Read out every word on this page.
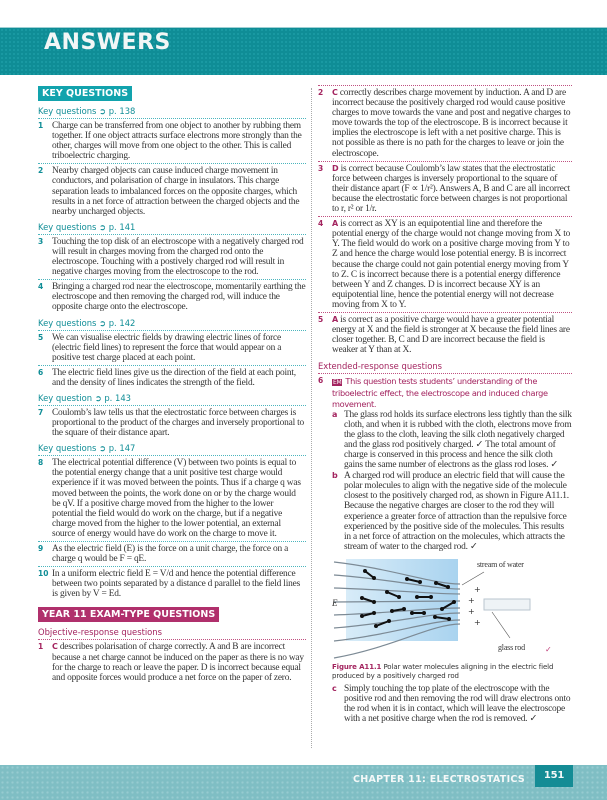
ANSWERS
CHAPTER 11: ELECTROSTATICS	151
KEY QUESTIONS
Key questions ➲ p. 138
1 Charge can be transferred from one object to another by rubbing them together. If one object attracts surface electrons more strongly than the other, charges will move from one object to the other. This is called triboelectric charging.
2 Nearby charged objects can cause induced charge movement in conductors, and polarisation of charge in insulators. This charge separation leads to imbalanced forces on the opposite charges, which results in a net force of attraction between the charged objects and the nearby uncharged objects.
Key questions ➲ p. 141
3 Touching the top disk of an electroscope with a negatively charged rod will result in charges moving from the charged rod onto the electroscope. Touching with a postively charged rod will result in negative charges moving from the electroscope to the rod.
4 Bringing a charged rod near the electroscope, momentarily earthing the electroscope and then removing the charged rod, will induce the opposite charge onto the electroscope.
Key questions ➲ p. 142
5 We can visualise electric fields by drawing electric lines of force (electric field lines) to represent the force that would appear on a positive test charge placed at each point.
6 The electric field lines give us the direction of the field at each point, and the density of lines indicates the strength of the field.
Key question ➲ p. 143
7 Coulomb’s law tells us that the electrostatic force between charges is proportional to the product of the charges and inversely proportional to the square of their distance apart.
Key questions ➲ p. 147
8 The electrical potential difference (V) between two points is equal to the potential energy change that a unit positive test charge would experience if it was moved between the points. Thus if a charge q was moved between the points, the work done on or by the charge would be qV. If a positive charge moved from the higher to the lower potential the field would do work on the charge, but if a negative charge moved from the higher to the lower potential, an external source of energy would have do work on the charge to move it.
9 As the electric field (E) is the force on a unit charge, the force on a charge q would be F = qE.
10 In a uniform electric field E = V/d and hence the potential difference between two points separated by a distance d parallel to the field lines is given by V = Ed.
YEAR 11 EXAM-TYPE QUESTIONS
Objective-response questions
1	C describes polarisation of charge correctly. A and B are incorrect because a net charge cannot be induced on the paper as there is no way for the charge to reach or leave the paper. D is incorrect because equal and opposite forces would produce a net force on the paper of zero.
2	C correctly describes charge movement by induction. A and D are incorrect because the positively charged rod would cause positive charges to move towards the vane and post and negative charges to move towards the top of the electroscope. B is incorrect because it implies the electroscope is left with a net positive charge. This is not possible as there is no path for the charges to leave or join the electroscope.
3	D is correct because Coulomb’s law states that the electrostatic force between charges is inversely proportional to the square of their distance apart (F ∝ 1/r²). Answers A, B and C are all incorrect because the electrostatic force between charges is not proportional to r, r² or 1/r.
4	A is correct as XY is an equipotential line and therefore the potential energy of the charge would not change moving from X to Y. The field would do work on a positive charge moving from Y to Z and hence the charge would lose potential energy. B is incorrect because the charge could not gain potential energy moving from Y to Z. C is incorrect because there is a potential energy difference between Y and Z changes. D is incorrect because XY is an equipotential line, hence the potential energy will not decrease moving from X to Y.
5	A is correct as a positive charge would have a greater potential energy at X and the field is stronger at X because the field lines are closer together. B, C and D are incorrect because the field is weaker at Y than at X.
Extended-response questions
6	EM This question tests students’ understanding of the triboelectric effect, the electroscope and induced charge movement.
a The glass rod holds its surface electrons less tightly than the silk cloth, and when it is rubbed with the cloth, electrons move from the glass to the cloth, leaving the silk cloth negatively charged and the glass rod positively charged. ✓ The total amount of charge is conserved in this process and hence the silk cloth gains the same number of electrons as the glass rod loses. ✓
b A charged rod will produce an electric field that will cause the polar molecules to align with the negative side of the molecule closest to the positively charged rod, as shown in Figure A11.1. Because the negative charges are closer to the rod they will experience a greater force of attraction than the repulsive force experienced by the positive side of the molecules. This results in a net force of attraction on the molecules, which attracts the stream of water to the charged rod. ✓
+
+
+
+
E
stream of water
glass rod	✓
Figure A11.1 Polar water molecules aligning in the electric field produced by a positively charged rod
c Simply touching the top plate of the electroscope with the positive rod and then removing the rod will draw electrons onto the rod when it is in contact, which will leave the electroscope with a net positive charge when the rod is removed. ✓
